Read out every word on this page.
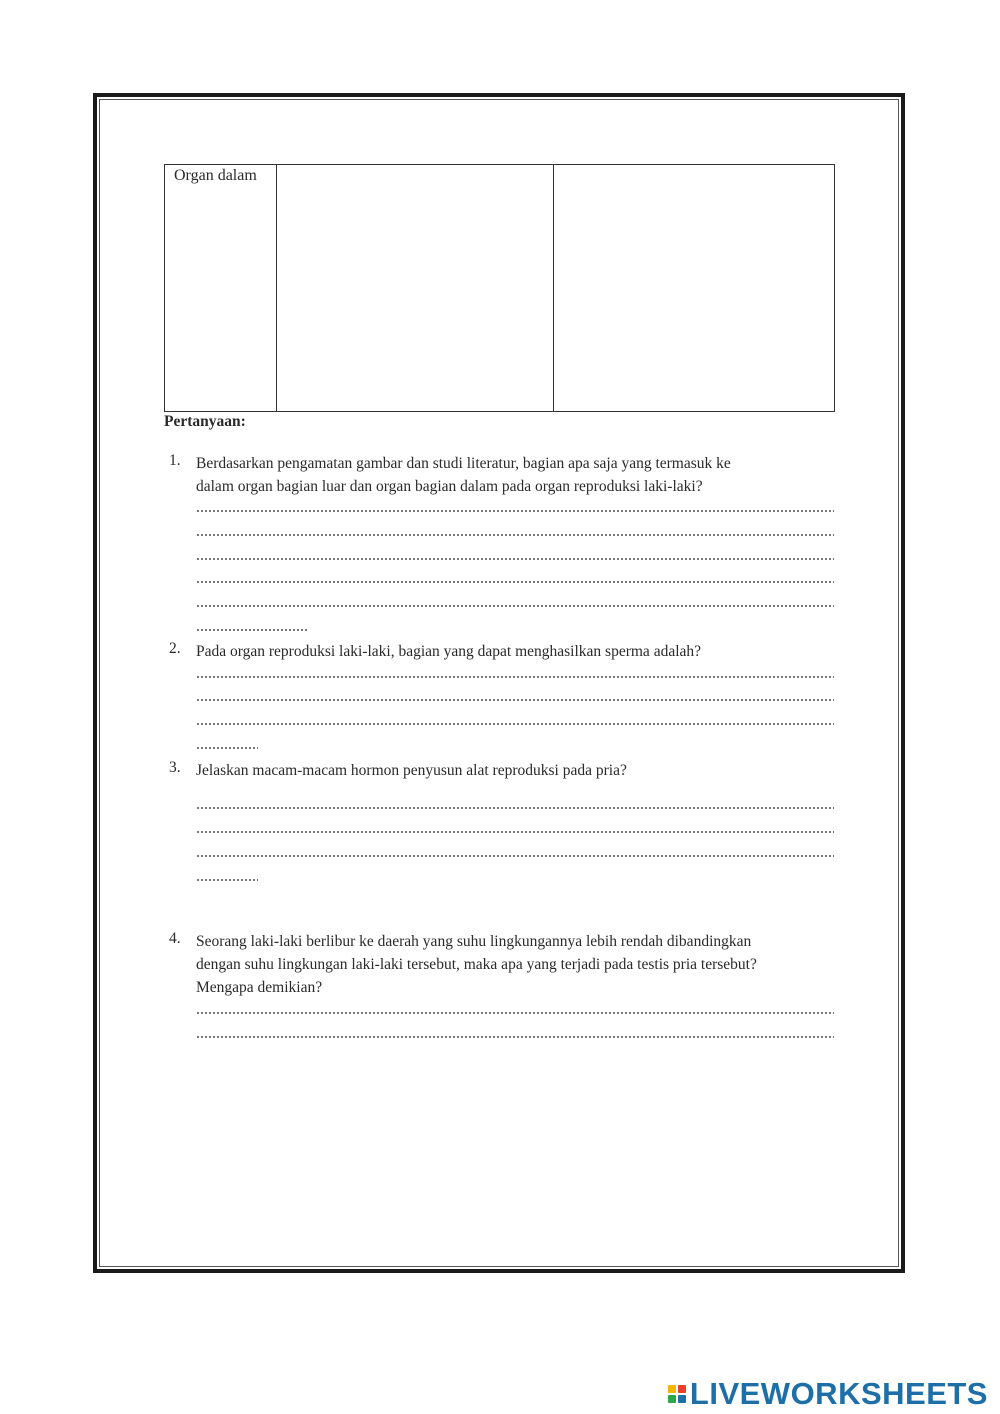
Organ dalam
Pertanyaan:
1. Berdasarkan pengamatan gambar dan studi literatur, bagian apa saja yang termasuk ke
dalam organ bagian luar dan organ bagian dalam pada organ reproduksi laki-laki?
2. Pada organ reproduksi laki-laki, bagian yang dapat menghasilkan sperma adalah?
3. Jelaskan macam-macam hormon penyusun alat reproduksi pada pria?
4. Seorang laki-laki berlibur ke daerah yang suhu lingkungannya lebih rendah dibandingkan
dengan suhu lingkungan laki-laki tersebut, maka apa yang terjadi pada testis pria tersebut?
Mengapa demikian?
LIVEWORKSHEETS
